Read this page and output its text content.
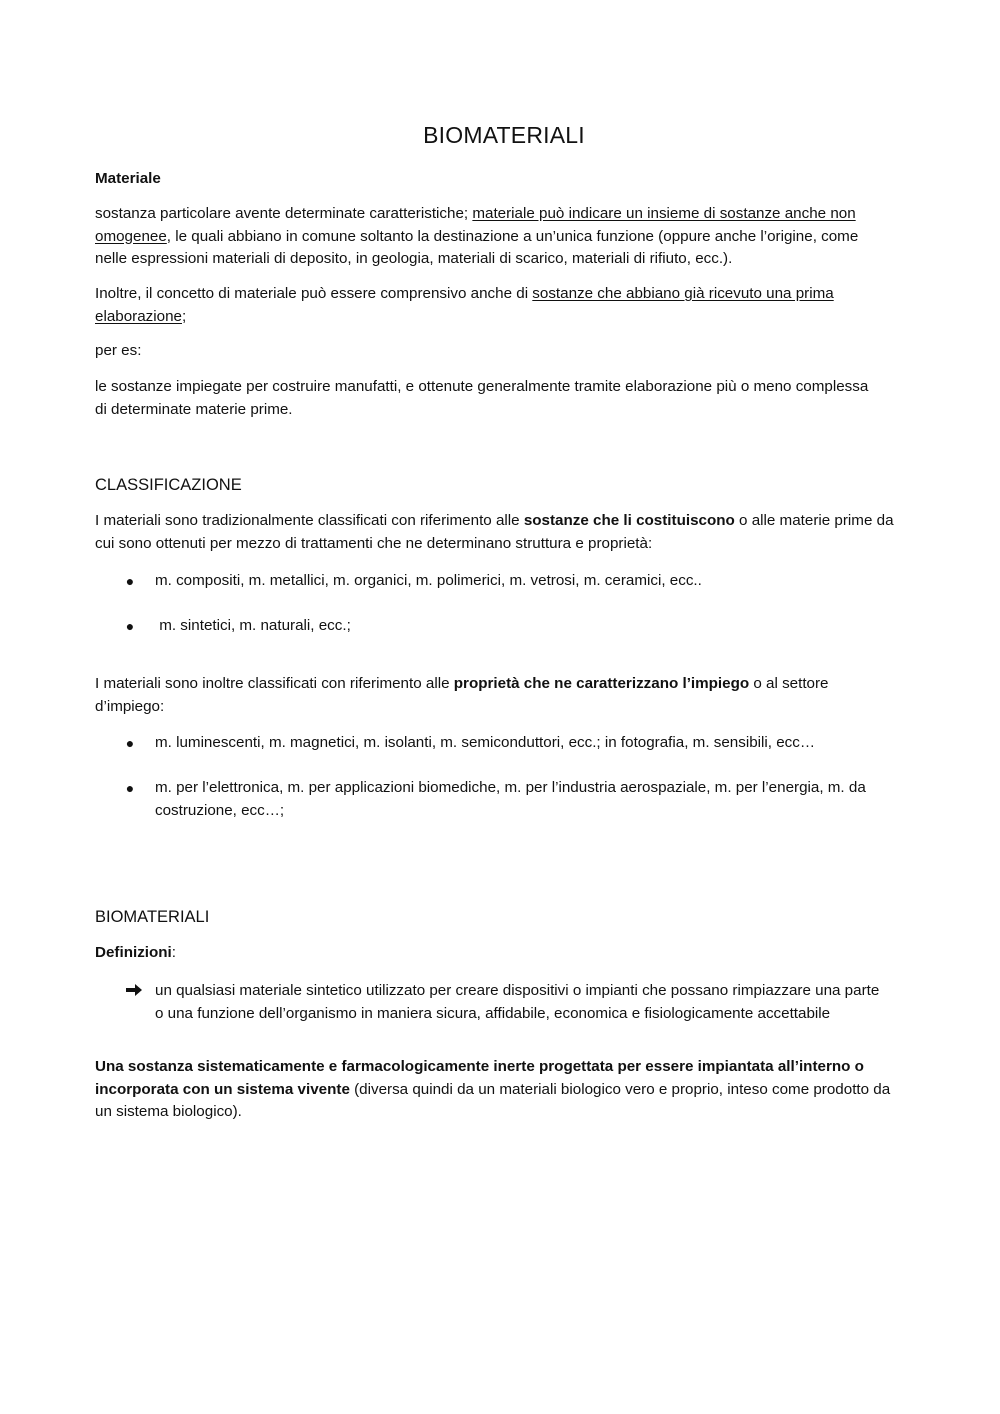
BIOMATERIALI
Materiale
sostanza particolare avente determinate caratteristiche; materiale può indicare un insieme di sostanze anche non
omogenee, le quali abbiano in comune soltanto la destinazione a un’unica funzione (oppure anche l’origine, come
nelle espressioni materiali di deposito, in geologia, materiali di scarico, materiali di rifiuto, ecc.).
Inoltre, il concetto di materiale può essere comprensivo anche di sostanze che abbiano già ricevuto una prima
elaborazione;
per es:
le sostanze impiegate per costruire manufatti, e ottenute generalmente tramite elaborazione più o meno complessa
di determinate materie prime.
CLASSIFICAZIONE
I materiali sono tradizionalmente classificati con riferimento alle sostanze che li costituiscono o alle materie prime da
cui sono ottenuti per mezzo di trattamenti che ne determinano struttura e proprietà:
● m. compositi, m. metallici, m. organici, m. polimerici, m. vetrosi, m. ceramici, ecc..
● m. sintetici, m. naturali, ecc.;
I materiali sono inoltre classificati con riferimento alle proprietà che ne caratterizzano l’impiego o al settore
d’impiego:
● m. luminescenti, m. magnetici, m. isolanti, m. semiconduttori, ecc.; in fotografia, m. sensibili, ecc…
● m. per l’elettronica, m. per applicazioni biomediche, m. per l’industria aerospaziale, m. per l’energia, m. da
costruzione, ecc…;
BIOMATERIALI
Definizioni:
un qualsiasi materiale sintetico utilizzato per creare dispositivi o impianti che possano rimpiazzare una parte
o una funzione dell’organismo in maniera sicura, affidabile, economica e fisiologicamente accettabile
Una sostanza sistematicamente e farmacologicamente inerte progettata per essere impiantata all’interno o
incorporata con un sistema vivente (diversa quindi da un materiali biologico vero e proprio, inteso come prodotto da
un sistema biologico).
